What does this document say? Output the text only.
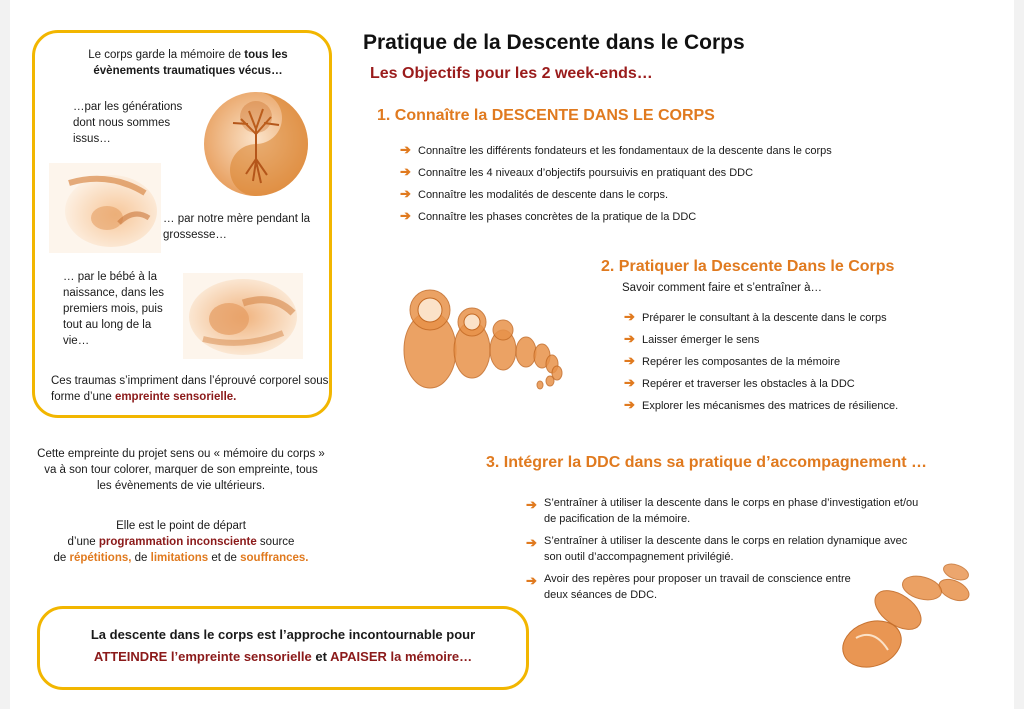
Le corps garde la mémoire de tous les évènements traumatiques vécus…
…par les générations dont nous sommes issus…
… par notre mère pendant la grossesse…
… par le bébé à la naissance, dans les premiers mois, puis tout au long de la vie…
Ces traumas s’impriment dans l’éprouvé corporel sous forme d’une empreinte sensorielle.
Cette empreinte du projet sens ou « mémoire du corps » va à son tour colorer, marquer de son empreinte, tous les évènements de vie ultérieurs.
Elle est le point de départ
d’une programmation inconsciente source
de répétitions, de limitations et de souffrances.
La descente dans le corps est l’approche incontournable pour
ATTEINDRE l’empreinte sensorielle et APAISER la mémoire…
Pratique de la Descente dans le Corps
Les Objectifs pour les 2 week-ends…
1. Connaître la DESCENTE DANS LE CORPS
➔ Connaître les différents fondateurs et les fondamentaux de la descente dans le corps
➔ Connaître les 4 niveaux d’objectifs poursuivis en pratiquant des DDC
➔ Connaître les modalités de descente dans le corps.
➔ Connaître les phases concrètes de la pratique de la DDC
2. Pratiquer la Descente Dans le Corps
Savoir comment faire et s’entraîner à…
➔ Préparer le consultant à la descente dans le corps
➔ Laisser émerger le sens
➔ Repérer les composantes de la mémoire
➔ Repérer et traverser les obstacles à la DDC
➔ Explorer les mécanismes des matrices de résilience.
3. Intégrer la DDC dans sa pratique d’accompagnement …
➔ S’entraîner à utiliser la descente dans le corps en phase d’investigation et/ou de pacification de la mémoire.
➔ S’entraîner à utiliser la descente dans le corps en relation dynamique avec son outil d’accompagnement privilégié.
➔ Avoir des repères pour proposer un travail de conscience entre deux séances de DDC.
